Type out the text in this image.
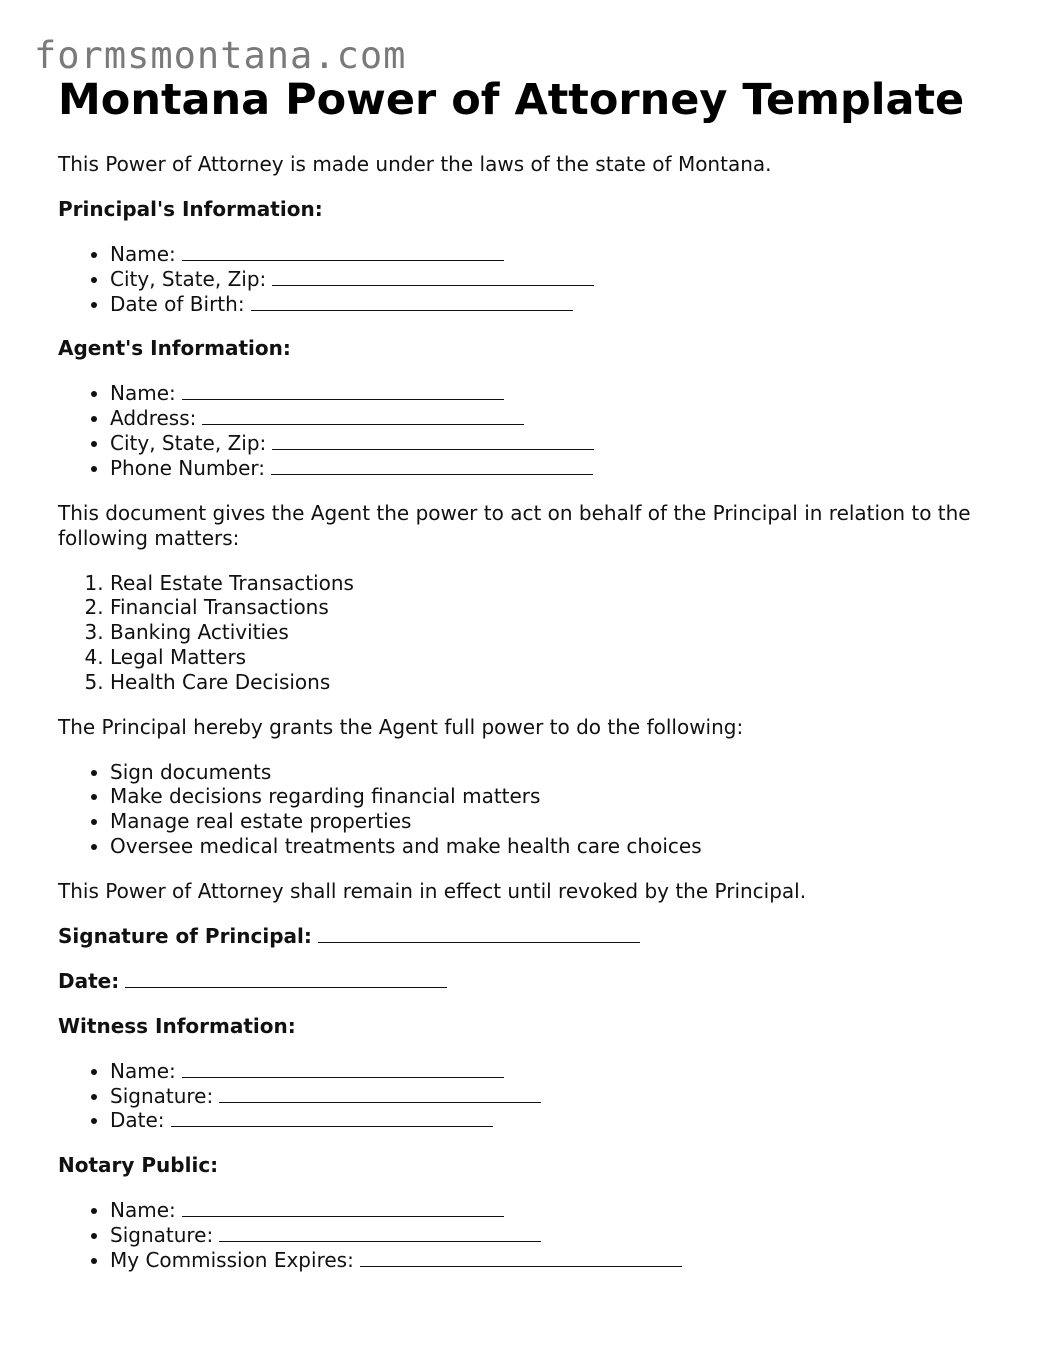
formsmontana.com
Montana Power of Attorney Template

This Power of Attorney is made under the laws of the state of Montana.

Principal's Information:

• Name:
• City, State, Zip:
• Date of Birth:

Agent's Information:

• Name:
• Address:
• City, State, Zip:
• Phone Number:

This document gives the Agent the power to act on behalf of the Principal in relation to the following matters:

1. Real Estate Transactions
2. Financial Transactions
3. Banking Activities
4. Legal Matters
5. Health Care Decisions

The Principal hereby grants the Agent full power to do the following:

• Sign documents
• Make decisions regarding financial matters
• Manage real estate properties
• Oversee medical treatments and make health care choices

This Power of Attorney shall remain in effect until revoked by the Principal.

Signature of Principal:

Date:

Witness Information:

• Name:
• Signature:
• Date:

Notary Public:

• Name:
• Signature:
• My Commission Expires:
